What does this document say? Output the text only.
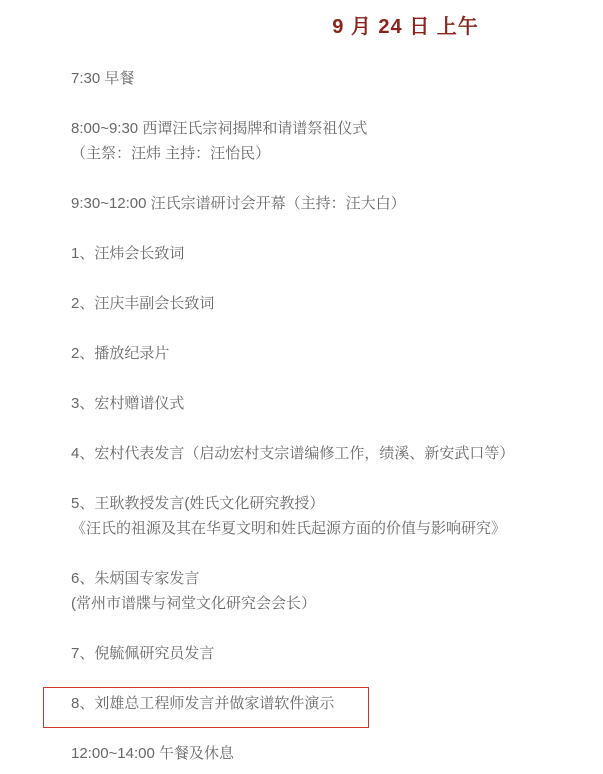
9 月 24 日 上午

7:30 早餐

8:00~9:30 西谭汪氏宗祠揭牌和请谱祭祖仪式
（主祭：汪炜 主持：汪怡民）

9:30~12:00 汪氏宗谱研讨会开幕（主持：汪大白）

1、汪炜会长致词

2、汪庆丰副会长致词

2、播放纪录片

3、宏村赠谱仪式

4、宏村代表发言（启动宏村支宗谱编修工作，绩溪、新安武口等）

5、王耿教授发言(姓氏文化研究教授）
《汪氏的祖源及其在华夏文明和姓氏起源方面的价值与影响研究》

6、朱炳国专家发言
(常州市谱牒与祠堂文化研究会会长）

7、倪毓佩研究员发言

8、刘雄总工程师发言并做家谱软件演示

12:00~14:00 午餐及休息
